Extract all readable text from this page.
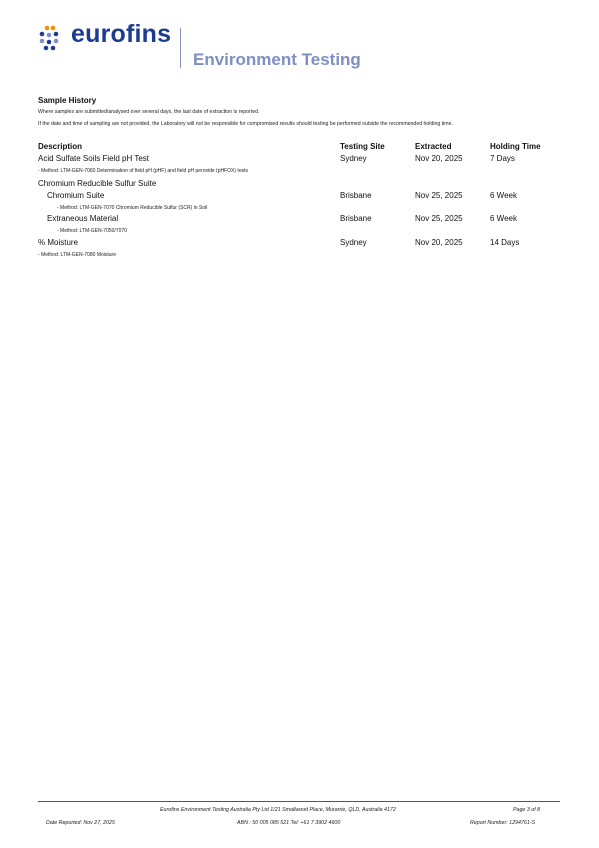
eurofins
Environment Testing
Sample History
Where samples are submitted/analysed over several days, the last date of extraction is reported.
If the date and time of sampling are not provided, the Laboratory will not be responsible for compromised results should testing be performed outside the recommended holding time.
Description	Testing Site	Extracted	Holding Time
Acid Sulfate Soils Field pH Test	Sydney	Nov 20, 2025	7 Days
- Method: LTM-GEN-7060 Determination of field pH (pHF) and field pH peroxide (pHFOX) tests
Chromium Reducible Sulfur Suite
Chromium Suite	Brisbane	Nov 25, 2025	6 Week
- Method: LTM-GEN-7070 Chromium Reducible Sulfur (SCR) in Soil
Extraneous Material	Brisbane	Nov 25, 2025	6 Week
- Method: LTM-GEN-7050/7070
% Moisture	Sydney	Nov 20, 2025	14 Days
- Method: LTM-GEN-7080 Moisture
Eurofins Environment Testing Australia Pty Ltd 1/21 Smallwood Place, Murarrie, QLD, Australia 4172	Page 3 of 8
Date Reported: Nov 27, 2025	ABN : 50 005 085 521 Tel: +61 7 3902 4600	Report Number: 1294761-S
